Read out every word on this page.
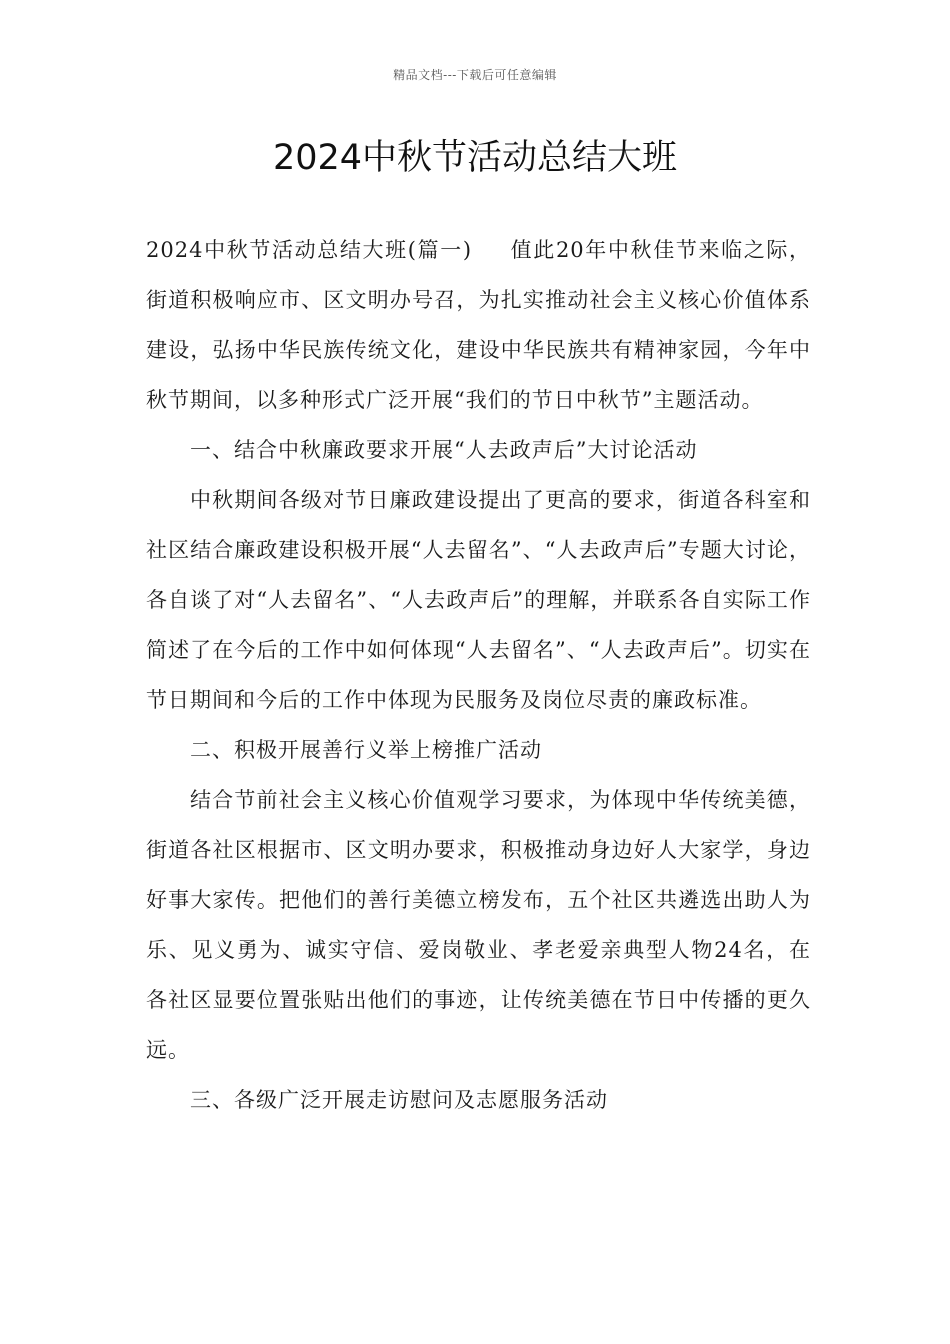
精品文档---下载后可任意编辑
2024中秋节活动总结大班

2024中秋节活动总结大班(篇一) 值此20年中秋佳节来临之际，街道积极响应市、区文明办号召，为扎实推动社会主义核心价值体系建设，弘扬中华民族传统文化，建设中华民族共有精神家园，今年中秋节期间，以多种形式广泛开展“我们的节日中秋节”主题活动。

一、结合中秋廉政要求开展“人去政声后”大讨论活动

中秋期间各级对节日廉政建设提出了更高的要求，街道各科室和社区结合廉政建设积极开展“人去留名”、“人去政声后”专题大讨论，各自谈了对“人去留名”、“人去政声后”的理解，并联系各自实际工作简述了在今后的工作中如何体现“人去留名”、“人去政声后”。切实在节日期间和今后的工作中体现为民服务及岗位尽责的廉政标准。

二、积极开展善行义举上榜推广活动

结合节前社会主义核心价值观学习要求，为体现中华传统美德，街道各社区根据市、区文明办要求，积极推动身边好人大家学，身边好事大家传。把他们的善行美德立榜发布，五个社区共遴选出助人为乐、见义勇为、诚实守信、爱岗敬业、孝老爱亲典型人物24名，在各社区显要位置张贴出他们的事迹，让传统美德在节日中传播的更久远。

三、各级广泛开展走访慰问及志愿服务活动
